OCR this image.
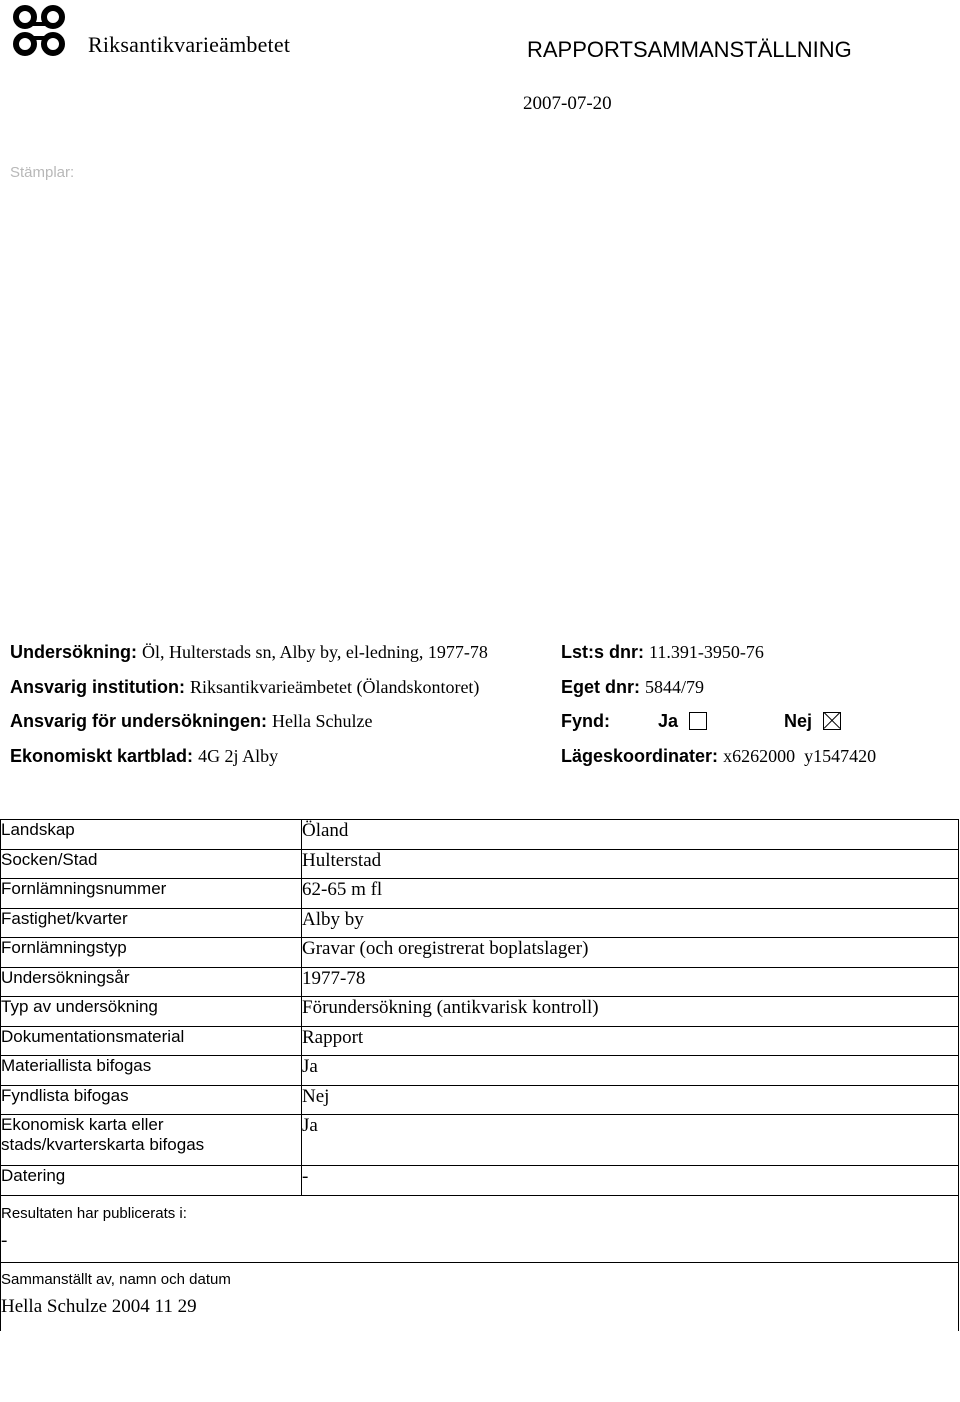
Riksantikvarieämbetet	RAPPORTSAMMANSTÄLLNING
2007-07-20
Stämplar:
Undersökning: Öl, Hulterstads sn, Alby by, el-ledning, 1977-78
Ansvarig institution: Riksantikvarieämbetet (Ölandskontoret)
Ansvarig för undersökningen: Hella Schulze
Ekonomiskt kartblad: 4G 2j Alby
Lst:s dnr: 11.391-3950-76
Eget dnr: 5844/79
Fynd:	Ja	Nej
Lägeskoordinater: x6262000  y1547420
Landskap	Öland
Socken/Stad	Hulterstad
Fornlämningsnummer	62-65 m fl
Fastighet/kvarter	Alby by
Fornlämningstyp	Gravar (och oregistrerat boplatslager)
Undersökningsår	1977-78
Typ av undersökning	Förundersökning (antikvarisk kontroll)
Dokumentationsmaterial	Rapport
Materiallista bifogas	Ja
Fyndlista bifogas	Nej
Ekonomisk karta eller stads/kvarterskarta bifogas	Ja
Datering	-

Resultaten har publicerats i:
-	

Sammanställt av, namn och datum
Hella Schulze 2004 11 29	
